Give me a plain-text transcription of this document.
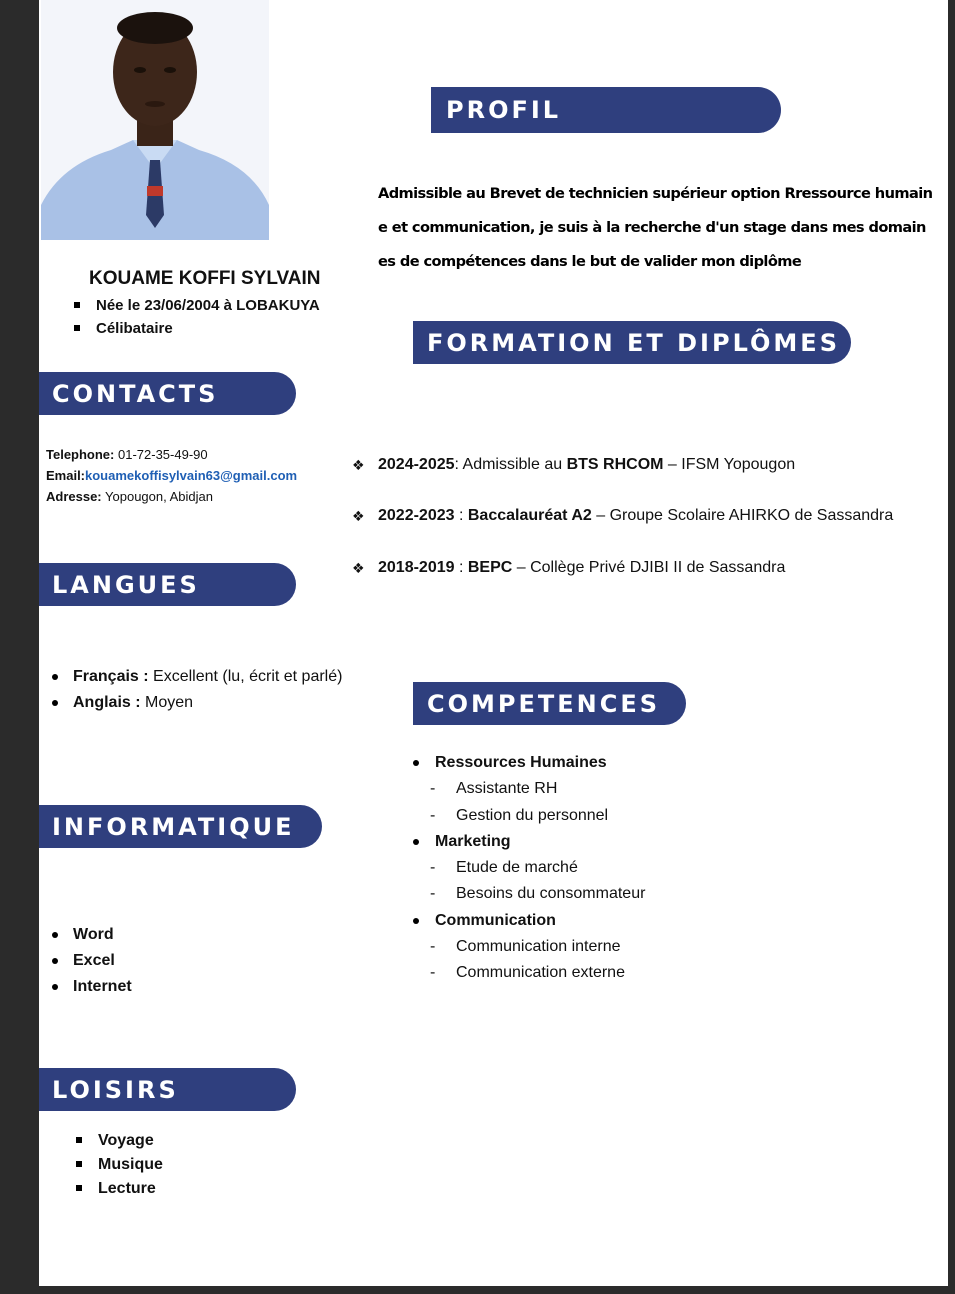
KOUAME KOFFI SYLVAIN
Née le 23/06/2004 à LOBAKUYA
Célibataire
CONTACTS
Telephone: 01-72-35-49-90
Email:kouamekoffisylvain63@gmail.com
Adresse: Yopougon, Abidjan
LANGUES
Français : Excellent (lu, écrit et parlé)
Anglais : Moyen
INFORMATIQUE
Word
Excel
Internet
LOISIRS
Voyage
Musique
Lecture
PROFIL
Admissible au Brevet de technicien supérieur option Rressource humain
e et communication, je suis à la recherche d'un stage dans mes domain
es de compétences dans le but de valider mon diplôme
FORMATION ET DIPLÔMES
❖ 2024-2025: Admissible au BTS RHCOM – IFSM Yopougon
❖ 2022-2023 : Baccalauréat A2 – Groupe Scolaire AHIRKO de Sassandra
❖ 2018-2019 : BEPC – Collège Privé DJIBI II de Sassandra
COMPETENCES
Ressources Humaines
- Assistante RH
- Gestion du personnel
Marketing
- Etude de marché
- Besoins du consommateur
Communication
- Communication interne
- Communication externe
